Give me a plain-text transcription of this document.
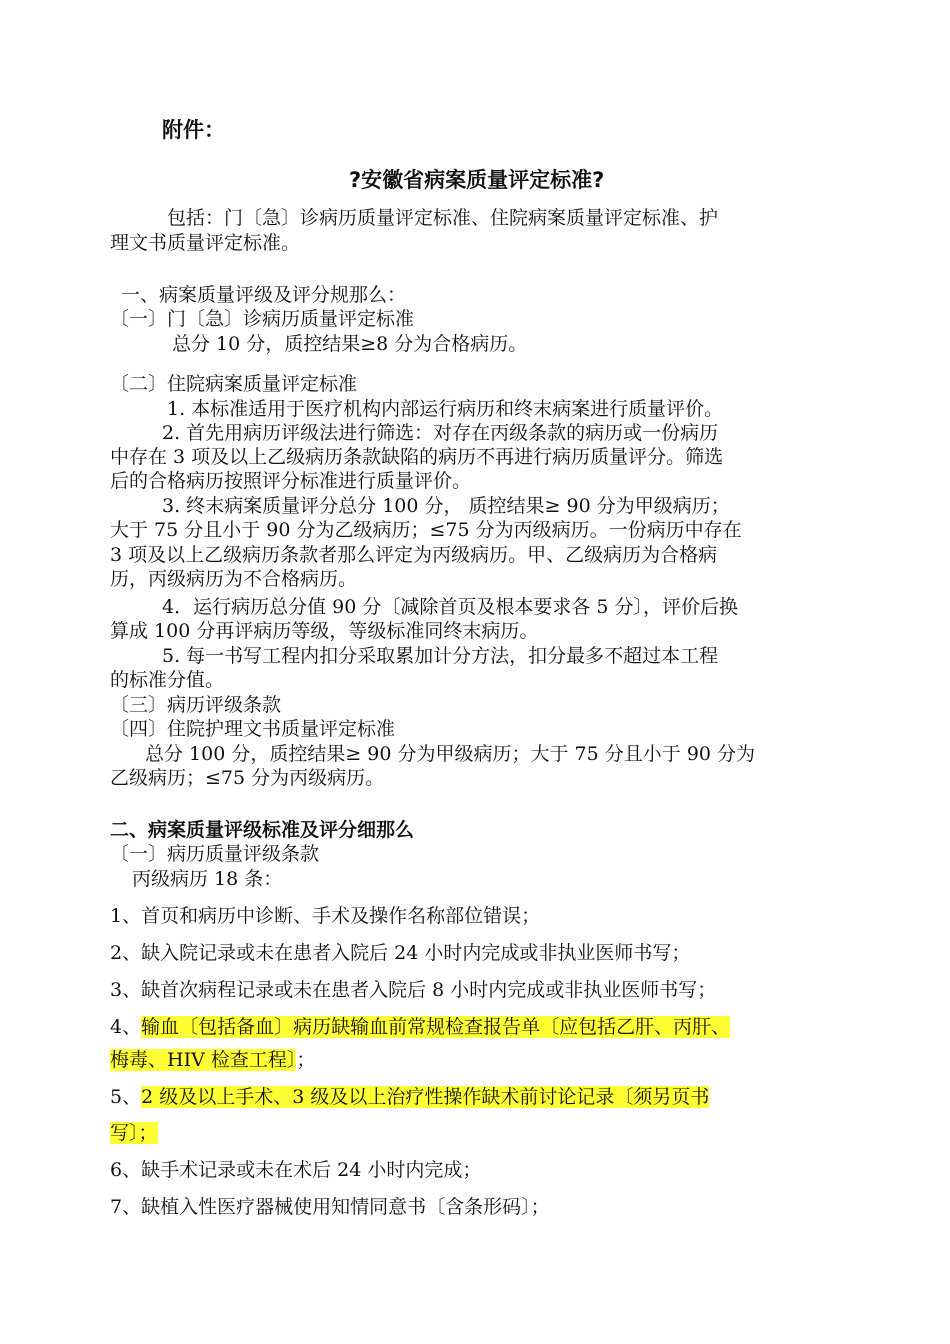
附件：
?安徽省病案质量评定标准?
包括：门〔急〕诊病历质量评定标准、住院病案质量评定标准、护
理文书质量评定标准。
一、病案质量评级及评分规那么：
〔一〕门〔急〕诊病历质量评定标准
总分 10 分，质控结果≥8 分为合格病历。
〔二〕住院病案质量评定标准
1. 本标准适用于医疗机构内部运行病历和终末病案进行质量评价。
2. 首先用病历评级法进行筛选：对存在丙级条款的病历或一份病历
中存在 3 项及以上乙级病历条款缺陷的病历不再进行病历质量评分。筛选
后的合格病历按照评分标准进行质量评价。
3. 终末病案质量评分总分 100 分， 质控结果≥ 90 分为甲级病历；
大于 75 分且小于 90 分为乙级病历；≤75 分为丙级病历。一份病历中存在
3 项及以上乙级病历条款者那么评定为丙级病历。甲、乙级病历为合格病
历，丙级病历为不合格病历。
4．运行病历总分值 90 分〔减除首页及根本要求各 5 分〕，评价后换
算成 100 分再评病历等级，等级标准同终末病历。
5. 每一书写工程内扣分采取累加计分方法，扣分最多不超过本工程
的标准分值。
〔三〕病历评级条款
〔四〕住院护理文书质量评定标准
总分 100 分，质控结果≥ 90 分为甲级病历；大于 75 分且小于 90 分为
乙级病历；≤75 分为丙级病历。
二、病案质量评级标准及评分细那么
〔一〕病历质量评级条款
丙级病历 18 条：
1、首页和病历中诊断、手术及操作名称部位错误；
2、缺入院记录或未在患者入院后 24 小时内完成或非执业医师书写；
3、缺首次病程记录或未在患者入院后 8 小时内完成或非执业医师书写；
4、输血〔包括备血〕病历缺输血前常规检查报告单〔应包括乙肝、丙肝、
梅毒、HIV 检查工程〕；
5、2 级及以上手术、3 级及以上治疗性操作缺术前讨论记录〔须另页书
写〕；
6、缺手术记录或未在术后 24 小时内完成；
7、缺植入性医疗器械使用知情同意书〔含条形码〕；
